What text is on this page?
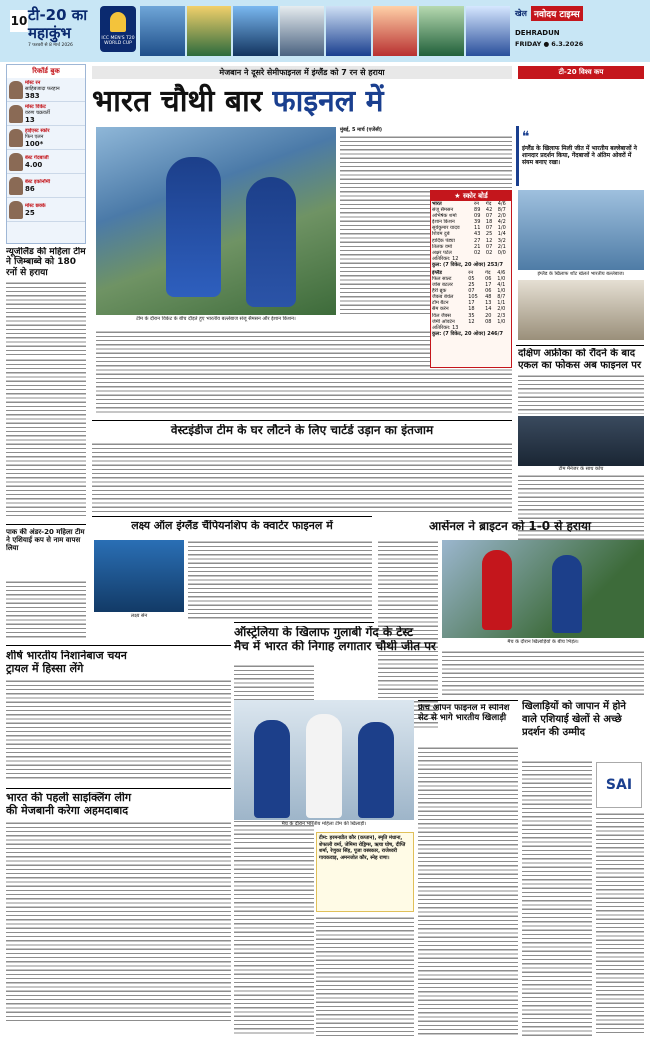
10 टी-20 का
महाकुंभ
7 फरवरी से 8 मार्च 2026
ICC MEN'S T20 WORLD CUP
खेल नवोदय टाइम्स
DEHRADUN
FRIDAY ● 6.3.2026
रिकॉर्ड बुक
मोस्ट रन
साहिबजादा फरहान
383
मोस्ट विकेट
वरुण चक्रवर्ती
13
हाईएस्ट स्कोर
फिन एलन
100*
बेस्ट गेंदबाजी
4.00
बेस्ट इकोनॉमी
86
मोस्ट छक्के
25
न्यूजीलैंड की महिला टीम ने जिम्बाब्वे को 180 रनों से हराया
पाक की अंडर-20 महिला टीम ने एशियाई कप से नाम वापस लिया
शीर्ष भारतीय निशानेबाज चयन ट्रायल में हिस्सा लेंगे
भारत की पहली साइक्लिंग लीग की मेजबानी करेगा अहमदाबाद
मेजबान ने दूसरे सेमीफाइनल में इंग्लैंड को 7 रन से हराया	टी-20 विश्व कप
भारत चौथी बार फाइनल में
टीम के दौरान विकेट के बीच दौड़ते हुए भारतीय बल्लेबाज संजू सैमसन और ईशान किशन।
मुंबई, 5 मार्च (एजेंसी)	❝
इंग्लैंड के खिलाफ मिली जीत में भारतीय बल्लेबाजों ने शानदार प्रदर्शन किया, गेंदबाजों ने अंतिम ओवरों में संयम बनाए रखा।
★ स्कोर बोर्ड
भारत	रन	गेंद	4/6
संजू सैमसन	89	42	8/7
अभिषेक शर्मा	09	07	2/0
ईशान किशन	39	18	4/2
सूर्यकुमार यादव	11	07	1/0
शिवम दुबे	43	25	1/4
हार्दिक पंड्या	27	12	3/2
तिलक वर्मा	21	07	2/1
अक्षर पटेल	02	02	0/0
अतिरिक्त: 12
कुल: (7 विकेट, 20 ओवर) 253/7
इंग्लैंड	रन	गेंद	4/6
फिल साल्ट	05	06	1/0
जोस बटलर	25	17	4/1
हैरी ब्रूक	07	06	1/0
जैकब बेथेल	105	48	8/7
टॉम बैंटन	17	13	1/1
सैम करेन	18	14	2/0
विल जैक्स	35	20	2/3
जेमी ओवर्टन	12	08	1/0
अतिरिक्त: 13
कुल: (7 विकेट, 20 ओवर) 246/7
इंग्लैंड के खिलाफ शॉट खेलते भारतीय बल्लेबाज।
दक्षिण अफ्रीका को रौंदने के बाद एकल का फोकस अब फाइनल पर
टीम मैनेजर के साथ कोच
वेस्टइंडीज टीम के घर लौटने के लिए चार्टर्ड उड़ान का इंतजाम
लक्ष्य ऑल इंग्लैंड चैंपियनशिप के क्वार्टर फाइनल में
लक्ष्य सेन
आर्सेनल ने ब्राइटन को 1-0 से हराया
मैच के दौरान खिलाड़ियों के बीच भिड़ंत।
ऑस्ट्रेलिया के खिलाफ गुलाबी गेंद के टेस्ट
मैच में भारत की निगाह लगातार चौथी जीत पर
मैच के दौरान भारतीय महिला टीम की खिलाड़ी।
टीम: हरमनप्रीत कौर (कप्तान), स्मृति मंधाना, शेफाली वर्मा, जेमिमा रोड्रिग्स, ऋचा घोष, दीप्ति शर्मा, रेणुका सिंह, पूजा वस्त्रकार, राजेश्वरी गायकवाड़, अमनजोत कौर, स्नेह राणा।
फ्रेंच ओपन फाइनल में स्पेनिश सेट से भागे भारतीय खिलाड़ी
खिलाड़ियों को जापान में होने वाले एशियाई खेलों से अच्छे प्रदर्शन की उम्मीद
SAI
